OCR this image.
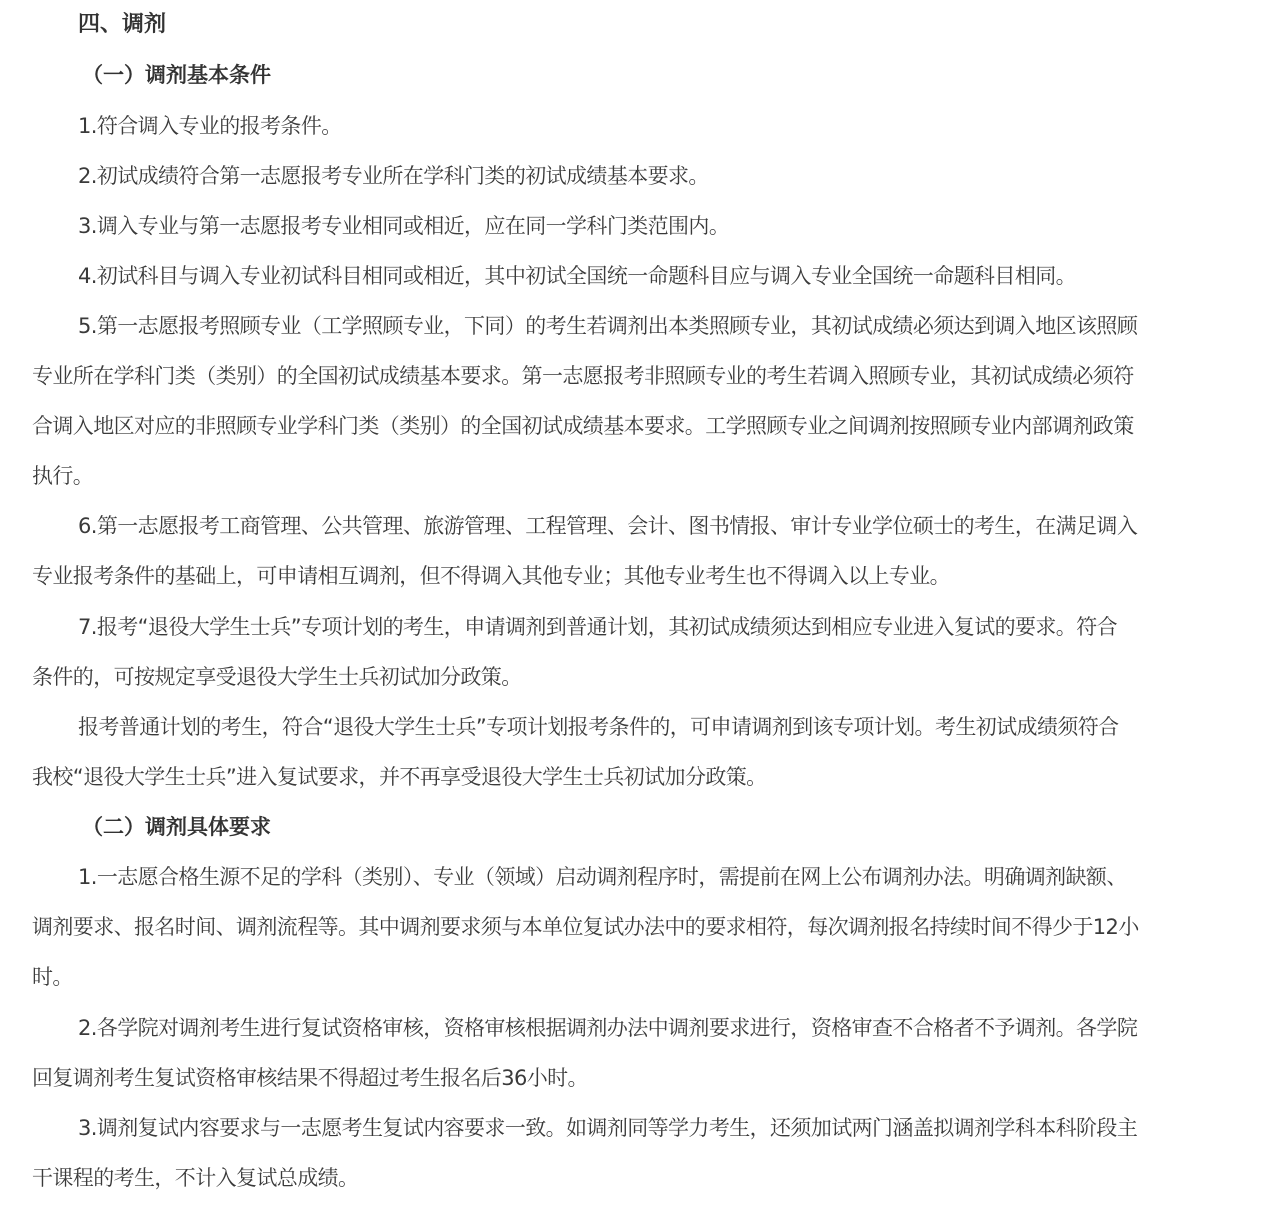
四、调剂
（一）调剂基本条件
1.符合调入专业的报考条件。
2.初试成绩符合第一志愿报考专业所在学科门类的初试成绩基本要求。
3.调入专业与第一志愿报考专业相同或相近，应在同一学科门类范围内。
4.初试科目与调入专业初试科目相同或相近，其中初试全国统一命题科目应与调入专业全国统一命题科目相同。
5.第一志愿报考照顾专业（工学照顾专业，下同）的考生若调剂出本类照顾专业，其初试成绩必须达到调入地区该照顾
专业所在学科门类（类别）的全国初试成绩基本要求。第一志愿报考非照顾专业的考生若调入照顾专业，其初试成绩必须符
合调入地区对应的非照顾专业学科门类（类别）的全国初试成绩基本要求。工学照顾专业之间调剂按照顾专业内部调剂政策
执行。
6.第一志愿报考工商管理、公共管理、旅游管理、工程管理、会计、图书情报、审计专业学位硕士的考生，在满足调入
专业报考条件的基础上，可申请相互调剂，但不得调入其他专业；其他专业考生也不得调入以上专业。
7.报考“退役大学生士兵”专项计划的考生，申请调剂到普通计划，其初试成绩须达到相应专业进入复试的要求。符合
条件的，可按规定享受退役大学生士兵初试加分政策。
报考普通计划的考生，符合“退役大学生士兵”专项计划报考条件的，可申请调剂到该专项计划。考生初试成绩须符合
我校“退役大学生士兵”进入复试要求，并不再享受退役大学生士兵初试加分政策。
（二）调剂具体要求
1.一志愿合格生源不足的学科（类别）、专业（领域）启动调剂程序时，需提前在网上公布调剂办法。明确调剂缺额、
调剂要求、报名时间、调剂流程等。其中调剂要求须与本单位复试办法中的要求相符，每次调剂报名持续时间不得少于12小
时。
2.各学院对调剂考生进行复试资格审核，资格审核根据调剂办法中调剂要求进行，资格审查不合格者不予调剂。各学院
回复调剂考生复试资格审核结果不得超过考生报名后36小时。
3.调剂复试内容要求与一志愿考生复试内容要求一致。如调剂同等学力考生，还须加试两门涵盖拟调剂学科本科阶段主
干课程的考生，不计入复试总成绩。
